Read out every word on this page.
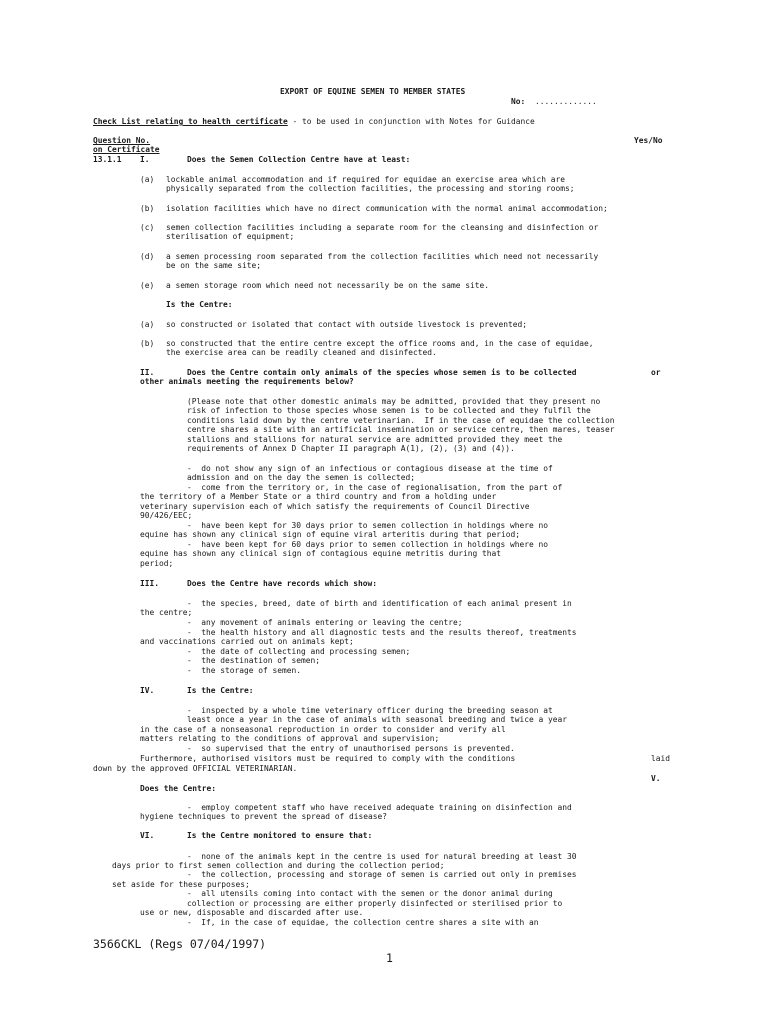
EXPORT OF EQUINE SEMEN TO MEMBER STATES
No: .............
Check List relating to health certificate - to be used in conjunction with Notes for Guidance
Question No.
on Certificate
Yes/No
13.1.1 I.	Does the Semen Collection Centre have at least:
(a) lockable animal accommodation and if required for equidae an exercise area which are
physically separated from the collection facilities, the processing and storing rooms;
(b) isolation facilities which have no direct communication with the normal animal accommodation;
(c) semen collection facilities including a separate room for the cleansing and disinfection or
sterilisation of equipment;
(d) a semen processing room separated from the collection facilities which need not necessarily
be on the same site;
(e) a semen storage room which need not necessarily be on the same site.
Is the Centre:
(a) so constructed or isolated that contact with outside livestock is prevented;
(b) so constructed that the entire centre except the office rooms and, in the case of equidae,
the exercise area can be readily cleaned and disinfected.
II.	Does the Centre contain only animals of the species whose semen is to be collected	or
other animals meeting the requirements below?
(Please note that other domestic animals may be admitted, provided that they present no
risk of infection to those species whose semen is to be collected and they fulfil the
conditions laid down by the centre veterinarian.  If in the case of equidae the collection
centre shares a site with an artificial insemination or service centre, then mares, teaser
stallions and stallions for natural service are admitted provided they meet the
requirements of Annex D Chapter II paragraph A(1), (2), (3) and (4)).
-  do not show any sign of an infectious or contagious disease at the time of
admission and on the day the semen is collected;
-  come from the territory or, in the case of regionalisation, from the part of
the territory of a Member State or a third country and from a holding under
veterinary supervision each of which satisfy the requirements of Council Directive
90/426/EEC;
-  have been kept for 30 days prior to semen collection in holdings where no
equine has shown any clinical sign of equine viral arteritis during that period;
-  have been kept for 60 days prior to semen collection in holdings where no
equine has shown any clinical sign of contagious equine metritis during that
period;
III.	Does the Centre have records which show:
-  the species, breed, date of birth and identification of each animal present in
the centre;
-  any movement of animals entering or leaving the centre;
-  the health history and all diagnostic tests and the results thereof, treatments
and vaccinations carried out on animals kept;
-  the date of collecting and processing semen;
-  the destination of semen;
-  the storage of semen.
IV.	Is the Centre:
-  inspected by a whole time veterinary officer during the breeding season at
least once a year in the case of animals with seasonal breeding and twice a year
in the case of a nonseasonal reproduction in order to consider and verify all
matters relating to the conditions of approval and supervision;
-  so supervised that the entry of unauthorised persons is prevented.
Furthermore, authorised visitors must be required to comply with the conditions	laid
down by the approved OFFICIAL VETERINARIAN.
V.
Does the Centre:
-  employ competent staff who have received adequate training on disinfection and
hygiene techniques to prevent the spread of disease?
VI.	Is the Centre monitored to ensure that:
-  none of the animals kept in the centre is used for natural breeding at least 30
days prior to first semen collection and during the collection period;
-  the collection, processing and storage of semen is carried out only in premises
set aside for these purposes;
-  all utensils coming into contact with the semen or the donor animal during
collection or processing are either properly disinfected or sterilised prior to
use or new, disposable and discarded after use.
-  If, in the case of equidae, the collection centre shares a site with an
3566CKL (Regs 07/04/1997)
1
